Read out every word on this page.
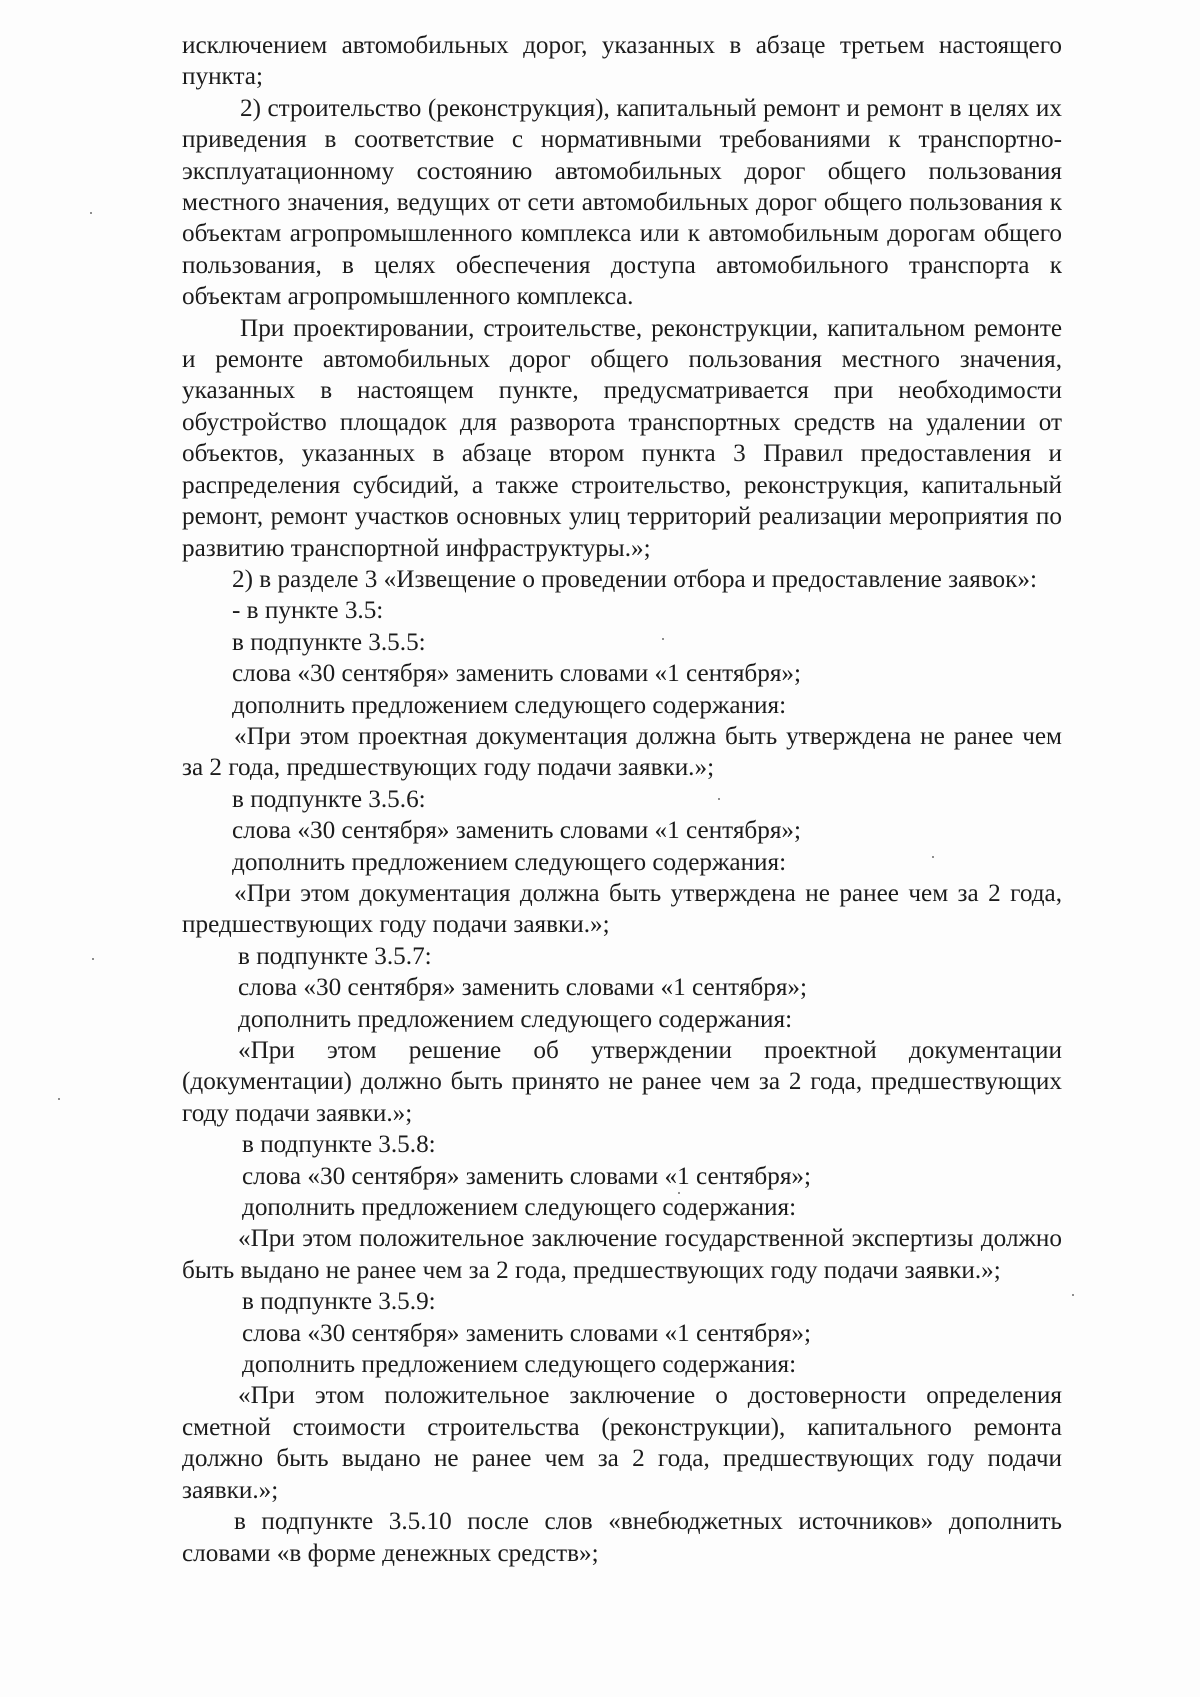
исключением автомобильных дорог, указанных в абзаце третьем настоящего пункта;

2) строительство (реконструкция), капитальный ремонт и ремонт в целях их приведения в соответствие с нормативными требованиями к транспортно-эксплуатационному состоянию автомобильных дорог общего пользования местного значения, ведущих от сети автомобильных дорог общего пользования к объектам агропромышленного комплекса или к автомобильным дорогам общего пользования, в целях обеспечения доступа автомобильного транспорта к объектам агропромышленного комплекса.

При проектировании, строительстве, реконструкции, капитальном ремонте и ремонте автомобильных дорог общего пользования местного значения, указанных в настоящем пункте, предусматривается при необходимости обустройство площадок для разворота транспортных средств на удалении от объектов, указанных в абзаце втором пункта 3 Правил предоставления и распределения субсидий, а также строительство, реконструкция, капитальный ремонт, ремонт участков основных улиц территорий реализации мероприятия по развитию транспортной инфраструктуры.»;

2) в разделе 3 «Извещение о проведении отбора и предоставление заявок»:

- в пункте 3.5:

в подпункте 3.5.5:

слова «30 сентября» заменить словами «1 сентября»;

дополнить предложением следующего содержания:

«При этом проектная документация должна быть утверждена не ранее чем за 2 года, предшествующих году подачи заявки.»;

в подпункте 3.5.6:

слова «30 сентября» заменить словами «1 сентября»;

дополнить предложением следующего содержания:

«При этом документация должна быть утверждена не ранее чем за 2 года, предшествующих году подачи заявки.»;

в подпункте 3.5.7:

слова «30 сентября» заменить словами «1 сентября»;

дополнить предложением следующего содержания:

«При этом решение об утверждении проектной документации (документации) должно быть принято не ранее чем за 2 года, предшествующих году подачи заявки.»;

в подпункте 3.5.8:

слова «30 сентября» заменить словами «1 сентября»;

дополнить предложением следующего содержания:

«При этом положительное заключение государственной экспертизы должно быть выдано не ранее чем за 2 года, предшествующих году подачи заявки.»;

в подпункте 3.5.9:

слова «30 сентября» заменить словами «1 сентября»;

дополнить предложением следующего содержания:

«При этом положительное заключение о достоверности определения сметной стоимости строительства (реконструкции), капитального ремонта должно быть выдано не ранее чем за 2 года, предшествующих году подачи заявки.»;

в подпункте 3.5.10 после слов «внебюджетных источников» дополнить словами «в форме денежных средств»;
